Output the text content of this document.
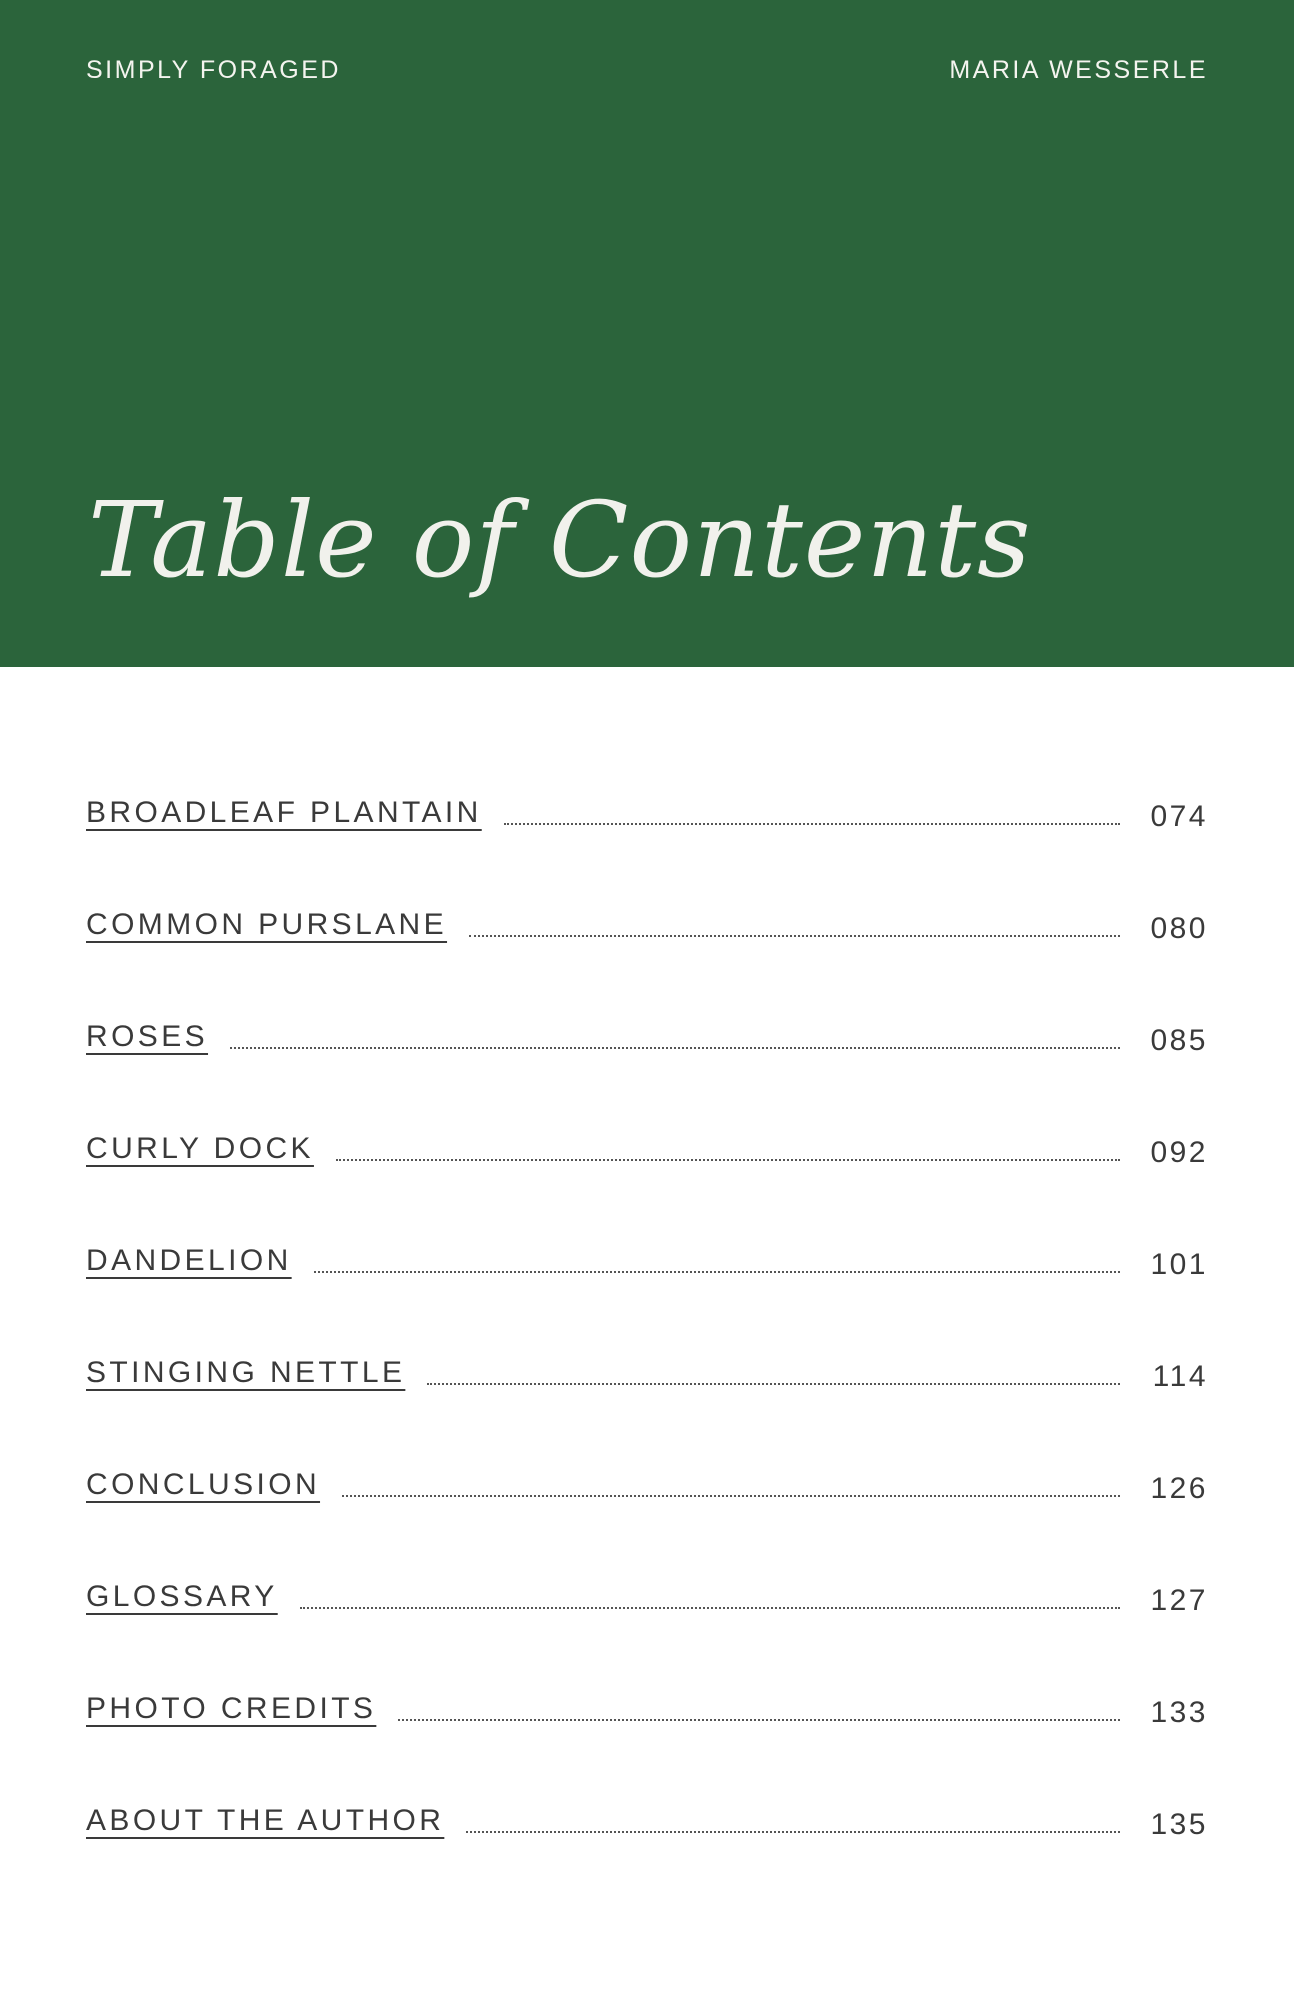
SIMPLY FORAGED	MARIA WESSERLE
Table of Contents
BROADLEAF PLANTAIN	074
COMMON PURSLANE	080
ROSES	085
CURLY DOCK	092
DANDELION	101
STINGING NETTLE	114
CONCLUSION	126
GLOSSARY	127
PHOTO CREDITS	133
ABOUT THE AUTHOR	135
